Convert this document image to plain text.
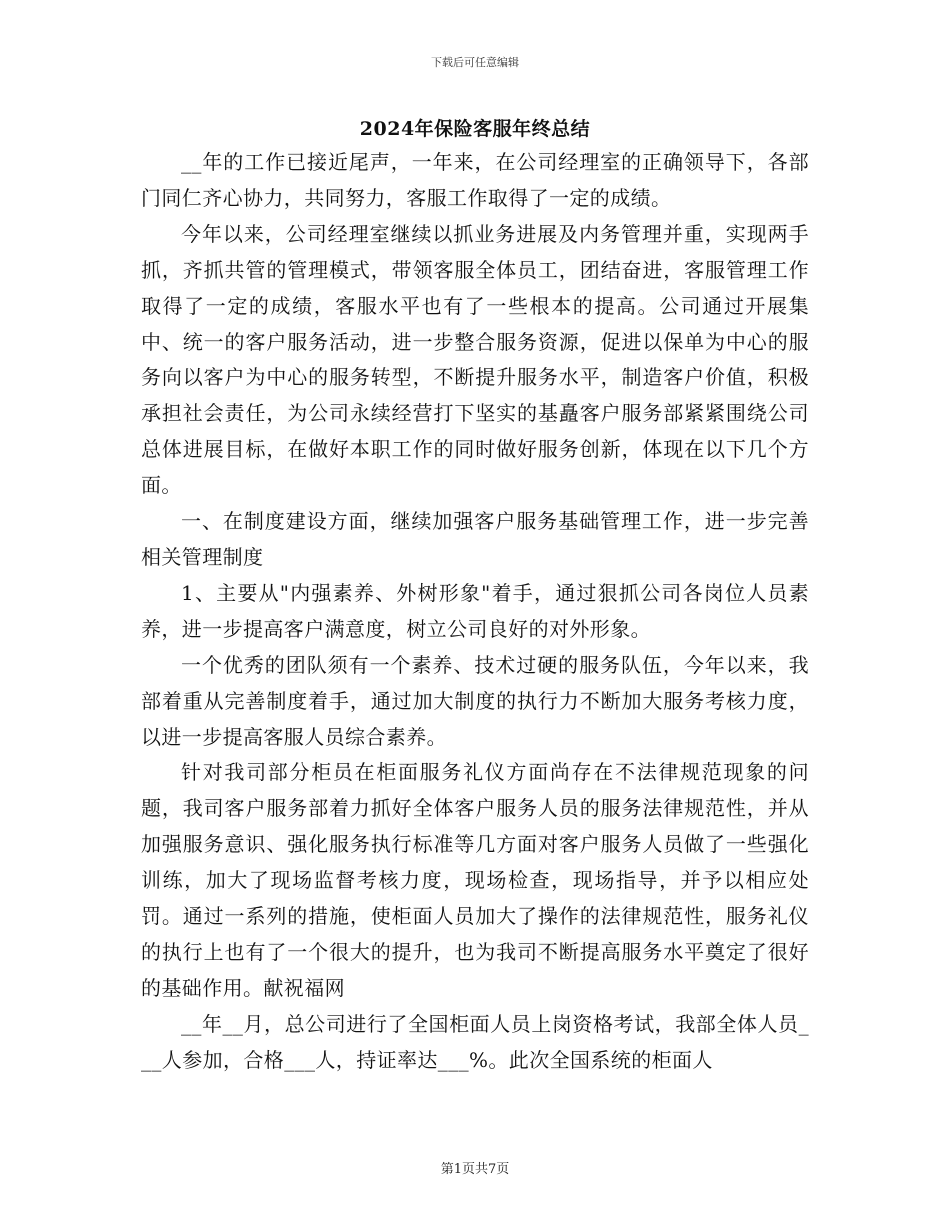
下载后可任意编辑
2024年保险客服年终总结

__年的工作已接近尾声，一年来，在公司经理室的正确领导下，各部门同仁齐心协力，共同努力，客服工作取得了一定的成绩。

今年以来，公司经理室继续以抓业务进展及内务管理并重，实现两手抓，齐抓共管的管理模式，带领客服全体员工，团结奋进，客服管理工作取得了一定的成绩，客服水平也有了一些根本的提高。公司通过开展集中、统一的客户服务活动，进一步整合服务资源，促进以保单为中心的服务向以客户为中心的服务转型，不断提升服务水平，制造客户价值，积极承担社会责任，为公司永续经营打下坚实的基矗客户服务部紧紧围绕公司总体进展目标，在做好本职工作的同时做好服务创新，体现在以下几个方面。

一、在制度建设方面，继续加强客户服务基础管理工作，进一步完善相关管理制度

1、主要从"内强素养、外树形象"着手，通过狠抓公司各岗位人员素养，进一步提高客户满意度，树立公司良好的对外形象。

一个优秀的团队须有一个素养、技术过硬的服务队伍，今年以来，我部着重从完善制度着手，通过加大制度的执行力不断加大服务考核力度，以进一步提高客服人员综合素养。

针对我司部分柜员在柜面服务礼仪方面尚存在不法律规范现象的问题，我司客户服务部着力抓好全体客户服务人员的服务法律规范性，并从加强服务意识、强化服务执行标准等几方面对客户服务人员做了一些强化训练，加大了现场监督考核力度，现场检查，现场指导，并予以相应处罚。通过一系列的措施，使柜面人员加大了操作的法律规范性，服务礼仪的执行上也有了一个很大的提升，也为我司不断提高服务水平奠定了很好的基础作用。献祝福网

__年__月，总公司进行了全国柜面人员上岗资格考试，我部全体人员___人参加，合格___人，持证率达___%。此次全国系统的柜面人

第1页共7页
